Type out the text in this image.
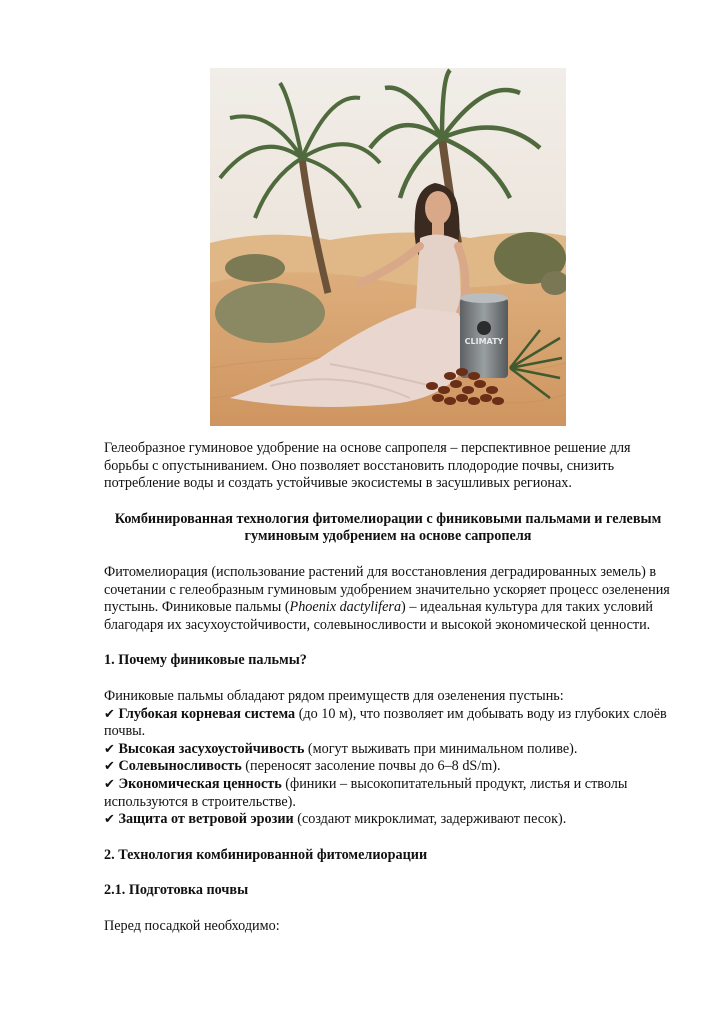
CLIMATY

Гелеобразное гуминовое удобрение на основе сапропеля – перспективное решение для борьбы с опустыниванием. Оно позволяет восстановить плодородие почвы, снизить потребление воды и создать устойчивые экосистемы в засушливых регионах.

Комбинированная технология фитомелиорации с финиковыми пальмами и гелевым гуминовым удобрением на основе сапропеля

Фитомелиорация (использование растений для восстановления деградированных земель) в сочетании с гелеобразным гуминовым удобрением значительно ускоряет процесс озеленения пустынь. Финиковые пальмы (Phoenix dactylifera) – идеальная культура для таких условий благодаря их засухоустойчивости, солевыносливости и высокой экономической ценности.

1. Почему финиковые пальмы?

Финиковые пальмы обладают рядом преимуществ для озеленения пустынь:

✔ Глубокая корневая система (до 10 м), что позволяет им добывать воду из глубоких слоёв почвы.

✔ Высокая засухоустойчивость (могут выживать при минимальном поливе).

✔ Солевыносливость (переносят засоление почвы до 6–8 dS/m).

✔ Экономическая ценность (финики – высокопитательный продукт, листья и стволы используются в строительстве).

✔ Защита от ветровой эрозии (создают микроклимат, задерживают песок).

2. Технология комбинированной фитомелиорации

2.1. Подготовка почвы

Перед посадкой необходимо:
